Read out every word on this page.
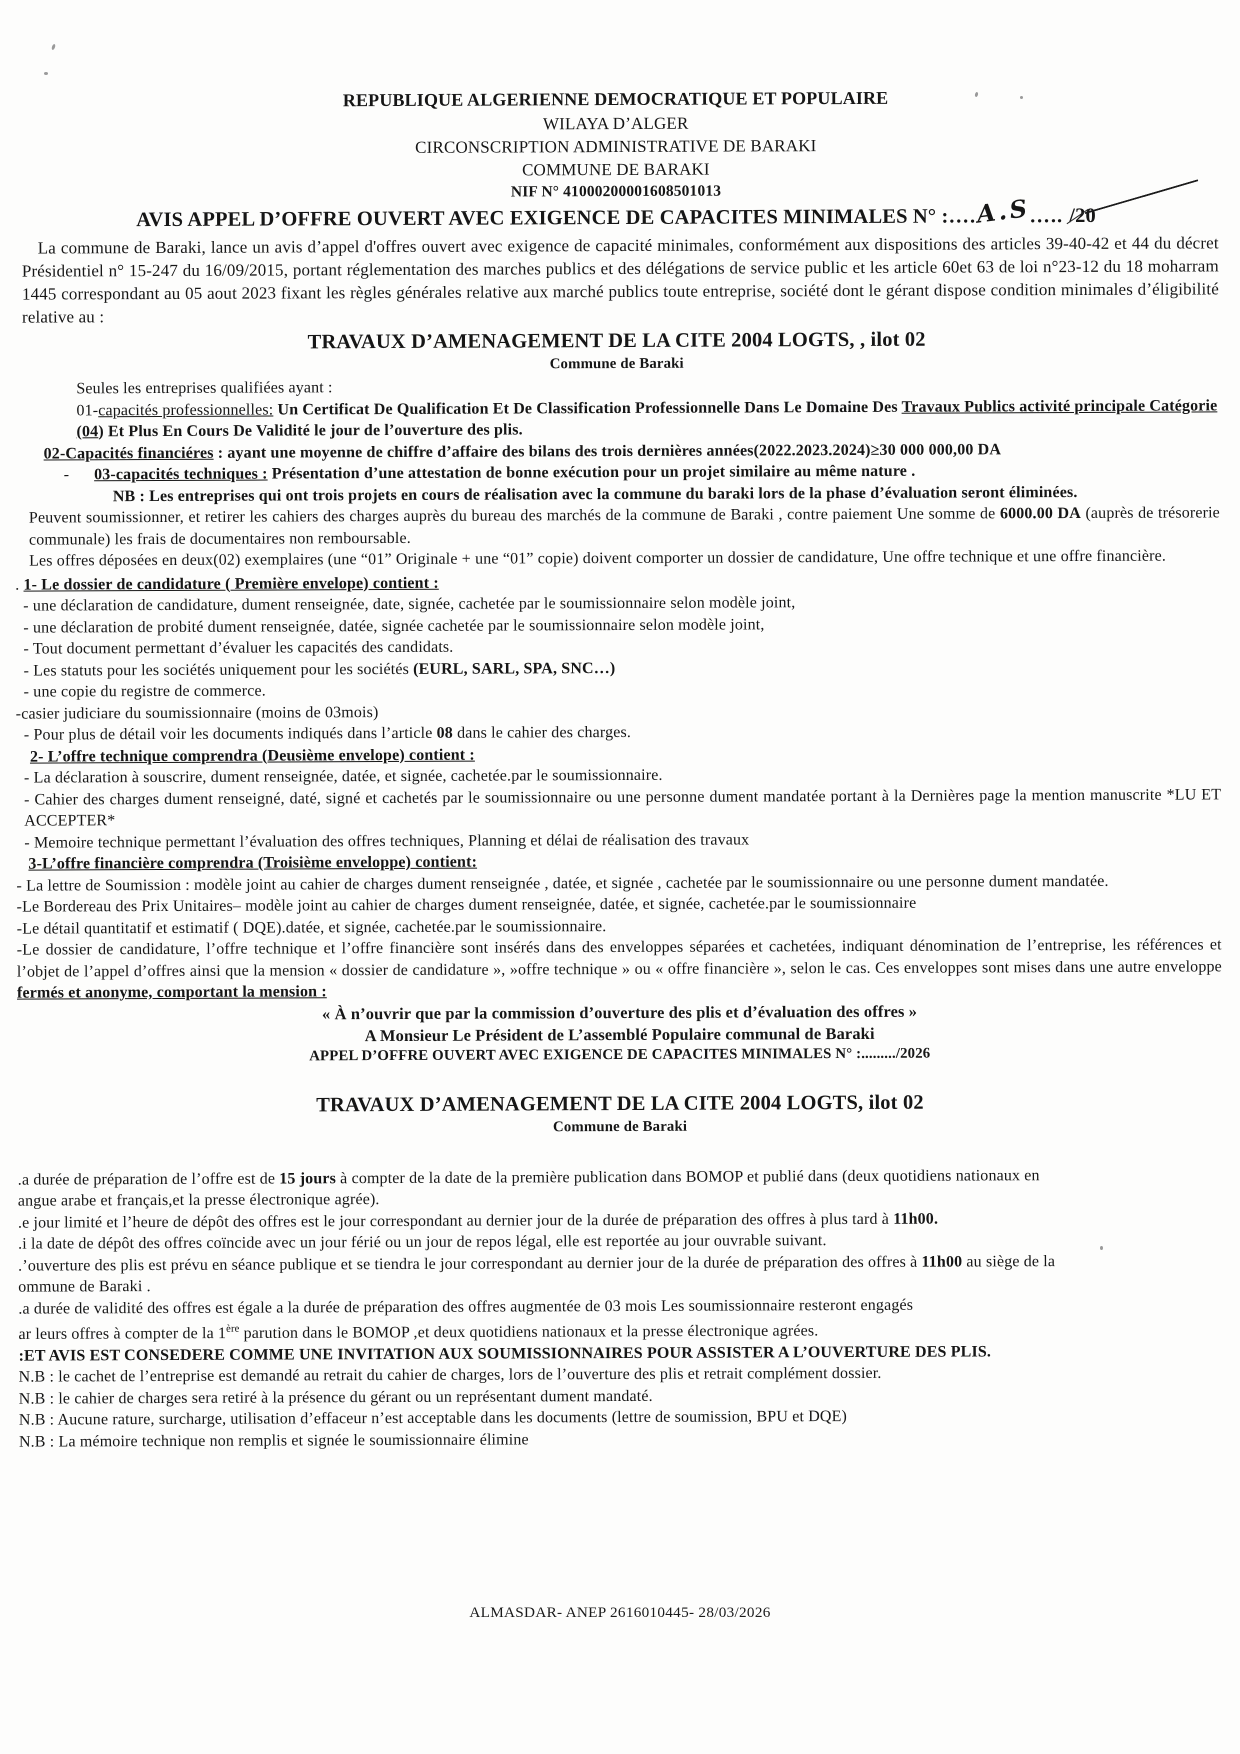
REPUBLIQUE ALGERIENNE DEMOCRATIQUE ET POPULAIRE
WILAYA D’ALGER
CIRCONSCRIPTION ADMINISTRATIVE DE BARAKI
COMMUNE DE BARAKI
NIF N° 41000200001608501013
AVIS APPEL D’OFFRE OUVERT AVEC EXIGENCE DE CAPACITES MINIMALES N° :….A.S….. /20
La commune de Baraki, lance un avis d’appel d'offres ouvert avec exigence de capacité minimales, conformément aux dispositions des articles 39-40-42 et 44 du décret Présidentiel n° 15-247 du 16/09/2015, portant réglementation des marches publics et des délégations de service public et les article 60et 63 de loi n°23-12 du 18 moharram 1445 correspondant au 05 aout 2023 fixant les règles générales relative aux marché publics toute entreprise, société dont le gérant dispose condition minimales d’éligibilité relative au :
TRAVAUX D’AMENAGEMENT DE LA CITE 2004 LOGTS, , ilot 02
Commune de Baraki
Seules les entreprises qualifiées ayant :
01-capacités professionnelles: Un Certificat De Qualification Et De Classification Professionnelle Dans Le Domaine Des Travaux Publics activité principale Catégorie (04) Et Plus En Cours De Validité le jour de l’ouverture des plis.
02-Capacités financiéres : ayant une moyenne de chiffre d’affaire des bilans des trois dernières années(2022.2023.2024)≥30 000 000,00 DA
-      03-capacités techniques : Présentation d’une attestation de bonne exécution pour un projet similaire au même nature .
NB : Les entreprises qui ont trois projets en cours de réalisation avec la commune du baraki lors de la phase d’évaluation seront éliminées.
Peuvent soumissionner, et retirer les cahiers des charges auprès du bureau des marchés de la commune de Baraki , contre paiement Une somme de 6000.00 DA (auprès de trésorerie communale) les frais de documentaires non remboursable.
Les offres déposées en deux(02) exemplaires (une “01” Originale + une “01” copie) doivent comporter un dossier de candidature, Une offre technique et une offre financière.
. 1- Le dossier de candidature ( Première envelope) contient :
- une déclaration de candidature, dument renseignée, date, signée, cachetée par le soumissionnaire selon modèle joint,
- une déclaration de probité dument renseignée, datée, signée cachetée par le soumissionnaire selon modèle joint,
- Tout document permettant d’évaluer les capacités des candidats.
- Les statuts pour les sociétés uniquement pour les sociétés (EURL, SARL, SPA, SNC…)
- une copie du registre de commerce.
-casier judiciare du soumissionnaire (moins de 03mois)
- Pour plus de détail voir les documents indiqués dans l’article 08 dans le cahier des charges.
2- L’offre technique comprendra (Deusième envelope) contient :
- La déclaration à souscrire, dument renseignée, datée, et signée, cachetée.par le soumissionnaire.
- Cahier des charges dument renseigné, daté, signé et cachetés par le soumissionnaire ou une personne dument mandatée portant à la Dernières page la mention manuscrite *LU ET ACCEPTER*
- Memoire technique permettant l’évaluation des offres techniques, Planning et délai de réalisation des travaux
3-L’offre financière comprendra (Troisième enveloppe) contient:
- La lettre de Soumission : modèle joint au cahier de charges dument renseignée , datée, et signée , cachetée par le soumissionnaire ou une personne dument mandatée.
-Le Bordereau des Prix Unitaires– modèle joint au cahier de charges dument renseignée, datée, et signée, cachetée.par le soumissionnaire
-Le détail quantitatif et estimatif ( DQE).datée, et signée, cachetée.par le soumissionnaire.
-Le dossier de candidature, l’offre technique et l’offre financière sont insérés dans des enveloppes séparées et cachetées, indiquant dénomination de l’entreprise, les références et l’objet de l’appel d’offres ainsi que la mension « dossier de candidature », »offre technique » ou « offre financière », selon le cas. Ces enveloppes sont mises dans une autre enveloppe fermés et anonyme, comportant la mension :
« À n’ouvrir que par la commission d’ouverture des plis et d’évaluation des offres »
A Monsieur Le Président de L’assemblé Populaire communal de Baraki
APPEL D’OFFRE OUVERT AVEC EXIGENCE DE CAPACITES MINIMALES N° :........./2026
TRAVAUX D’AMENAGEMENT DE LA CITE 2004 LOGTS, ilot 02
Commune de Baraki
.a durée de préparation de l’offre est de 15 jours à compter de la date de la première publication dans BOMOP et publié dans (deux quotidiens nationaux en
angue arabe et français,et la presse électronique agrée).
.e jour limité et l’heure de dépôt des offres est le jour correspondant au dernier jour de la durée de préparation des offres à plus tard à 11h00.
.i la date de dépôt des offres coïncide avec un jour férié ou un jour de repos légal, elle est reportée au jour ouvrable suivant.
.’ouverture des plis est prévu en séance publique et se tiendra le jour correspondant au dernier jour de la durée de préparation des offres à 11h00 au siège de la
ommune de Baraki .
.a durée de validité des offres est égale a la durée de préparation des offres augmentée de 03 mois Les soumissionnaire resteront engagés
ar leurs offres à compter de la 1ère parution dans le BOMOP ,et deux quotidiens nationaux et la presse électronique agrées.
:ET AVIS EST CONSEDERE COMME UNE INVITATION AUX SOUMISSIONNAIRES POUR ASSISTER A L’OUVERTURE DES PLIS.
N.B : le cachet de l’entreprise est demandé au retrait du cahier de charges, lors de l’ouverture des plis et retrait complément dossier.
N.B : le cahier de charges sera retiré à la présence du gérant ou un représentant dument mandaté.
N.B : Aucune rature, surcharge, utilisation d’effaceur n’est acceptable dans les documents (lettre de soumission, BPU et DQE)
N.B : La mémoire technique non remplis et signée le soumissionnaire élimine
ALMASDAR- ANEP 2616010445- 28/03/2026
